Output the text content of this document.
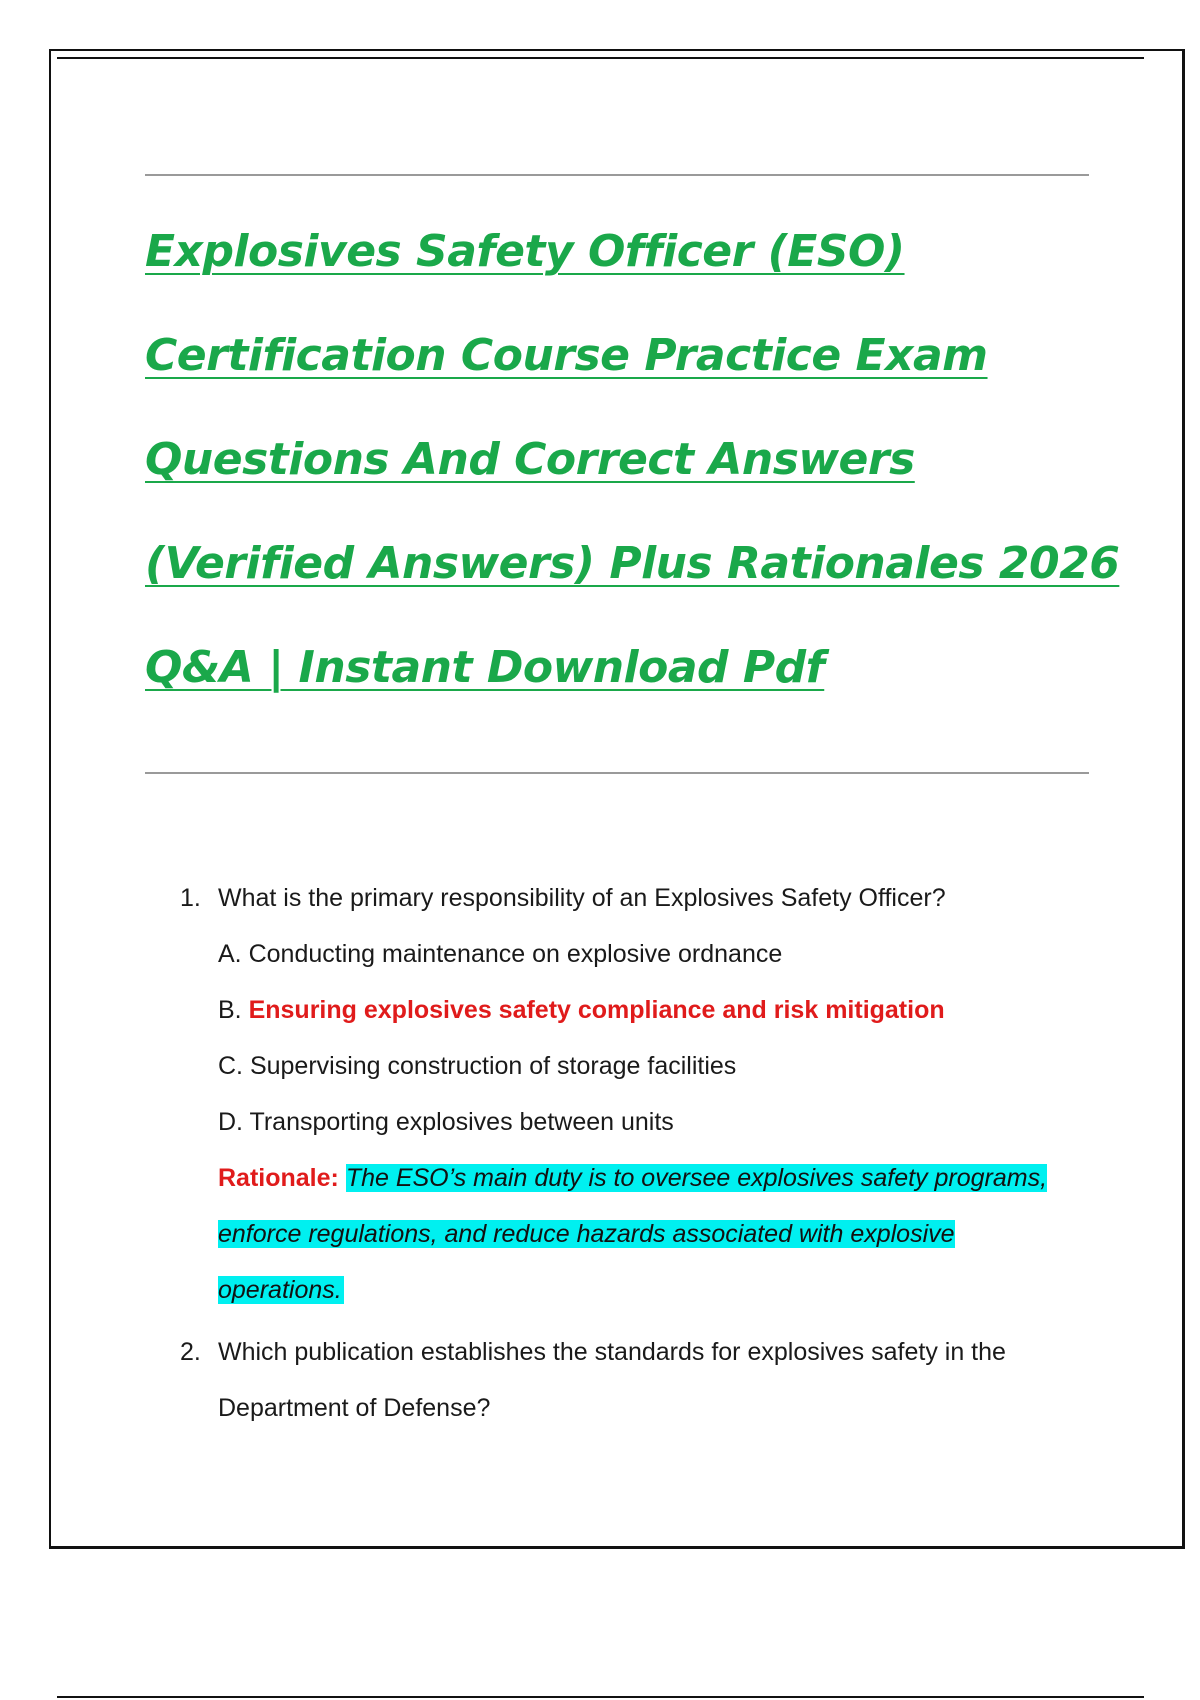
Explosives Safety Officer (ESO)
Certification Course Practice Exam
Questions And Correct Answers
(Verified Answers) Plus Rationales 2026
Q&A | Instant Download Pdf
1. What is the primary responsibility of an Explosives Safety Officer?
A. Conducting maintenance on explosive ordnance
B. Ensuring explosives safety compliance and risk mitigation
C. Supervising construction of storage facilities
D. Transporting explosives between units
Rationale: The ESO’s main duty is to oversee explosives safety programs, enforce regulations, and reduce hazards associated with explosive operations.
2. Which publication establishes the standards for explosives safety in the Department of Defense?
